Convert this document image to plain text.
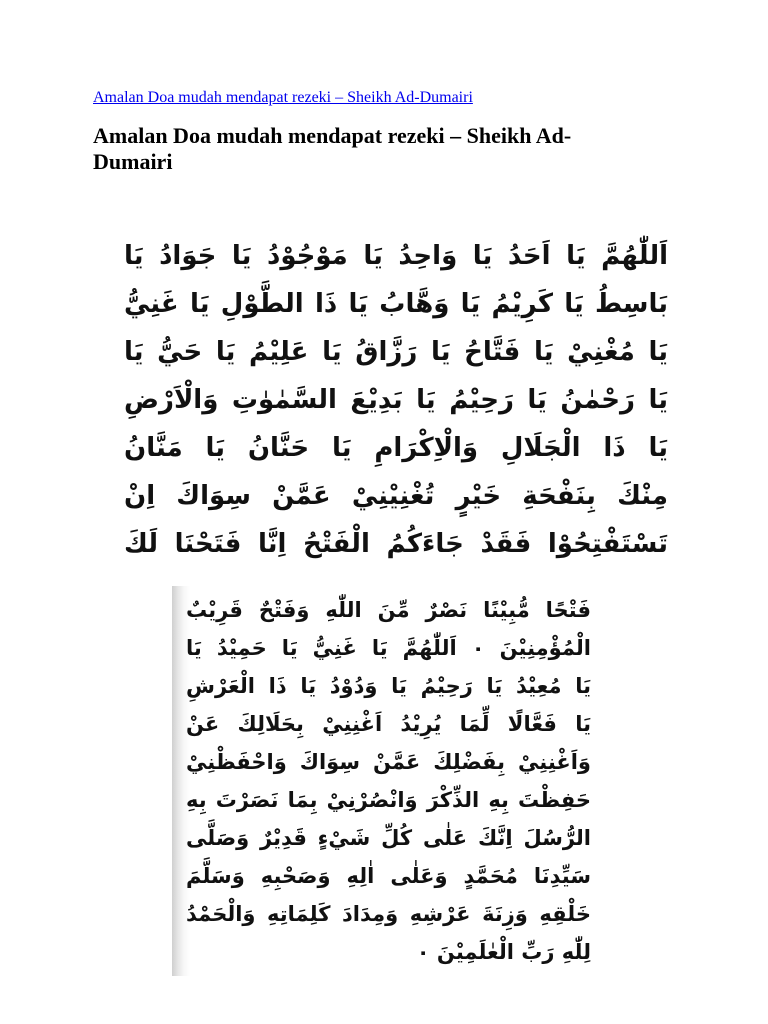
Amalan Doa mudah mendapat rezeki – Sheikh Ad-Dumairi
Amalan Doa mudah mendapat rezeki – Sheikh Ad-Dumairi
اَللّٰهُمَّ يَا اَحَدُ يَا وَاحِدُ يَا مَوْجُوْدُ يَا جَوَادُ يَا
بَاسِطُ يَا كَرِيْمُ يَا وَهَّابُ يَا ذَا الطَّوْلِ يَا غَنِيُّ
يَا مُغْنِيْ يَا فَتَّاحُ يَا رَزَّاقُ يَا عَلِيْمُ يَا حَيُّ يَا
يَا رَحْمٰنُ يَا رَحِيْمُ يَا بَدِيْعَ السَّمٰوٰتِ وَالْاَرْضِ
يَا ذَا الْجَلَالِ وَالْاِكْرَامِ يَا حَنَّانُ يَا مَنَّانُ
مِنْكَ بِنَفْحَةِ خَيْرٍ تُغْنِيْنِيْ عَمَّنْ سِوَاكَ اِنْ
تَسْتَفْتِحُوْا فَقَدْ جَاءَكُمُ الْفَتْحُ اِنَّا فَتَحْنَا لَكَ
فَتْحًا مُّبِيْنًا نَصْرٌ مِّنَ اللّٰهِ وَفَتْحٌ قَرِيْبٌ
الْمُؤْمِنِيْنَ ٠ اَللّٰهُمَّ يَا غَنِيُّ يَا حَمِيْدُ يَا
يَا مُعِيْدُ يَا رَحِيْمُ يَا وَدُوْدُ يَا ذَا الْعَرْشِ
يَا فَعَّالًا لِّمَا يُرِيْدُ اَغْنِنِيْ بِحَلَالِكَ عَنْ
وَاَغْنِنِيْ بِفَضْلِكَ عَمَّنْ سِوَاكَ وَاحْفَظْنِيْ
حَفِظْتَ بِهِ الذِّكْرَ وَانْصُرْنِيْ بِمَا نَصَرْتَ بِهِ
الرُّسُلَ اِنَّكَ عَلٰى كُلِّ شَيْءٍ قَدِيْرٌ وَصَلَّى
سَيِّدِنَا مُحَمَّدٍ وَعَلٰى اٰلِهِ وَصَحْبِهِ وَسَلَّمَ
خَلْقِهِ وَزِنَةَ عَرْشِهِ وَمِدَادَ كَلِمَاتِهِ وَالْحَمْدُ
لِلّٰهِ رَبِّ الْعٰلَمِيْنَ ٠
